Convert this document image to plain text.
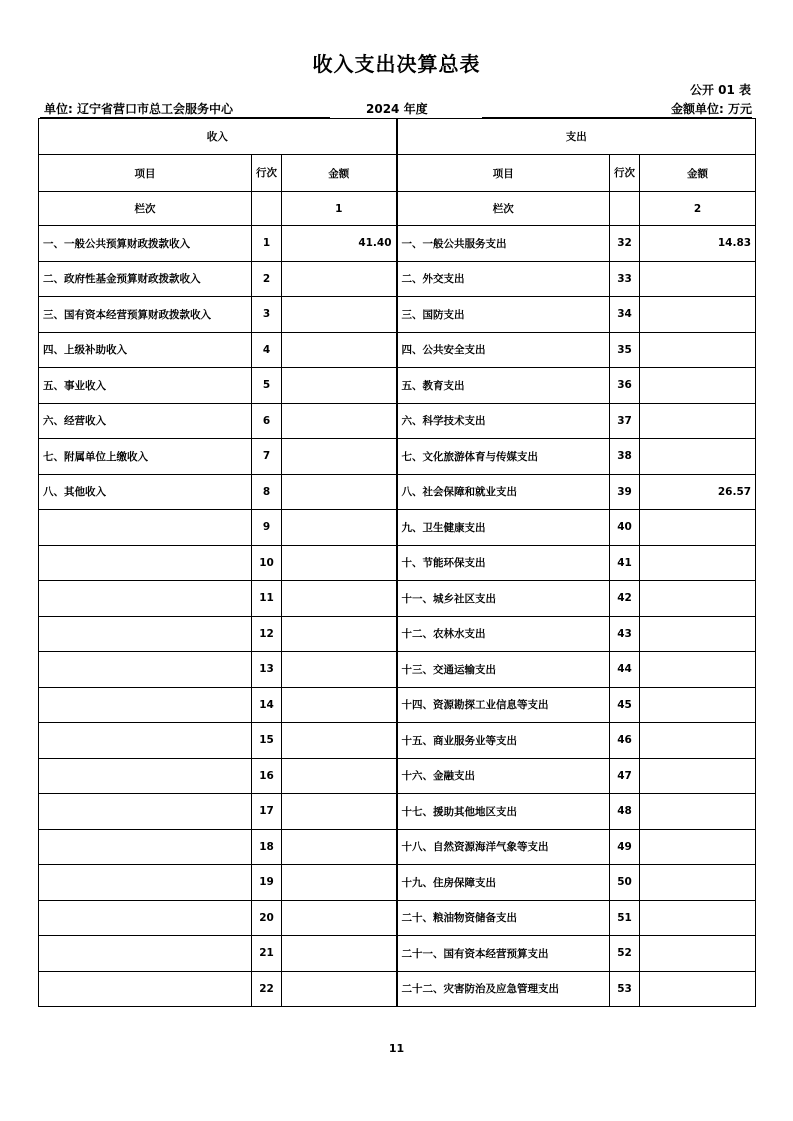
收入支出决算总表
公开 01 表
单位: 辽宁省营口市总工会服务中心	2024 年度	金额单位: 万元
收入			支出		
项目	行次	金额	项目	行次	金额
栏次		1	栏次		2
一、一般公共预算财政拨款收入	1	41.40	一、一般公共服务支出	32	14.83
二、政府性基金预算财政拨款收入	2		二、外交支出	33	
三、国有资本经营预算财政拨款收入	3		三、国防支出	34	
四、上级补助收入	4		四、公共安全支出	35	
五、事业收入	5		五、教育支出	36	
六、经营收入	6		六、科学技术支出	37	
七、附属单位上缴收入	7		七、文化旅游体育与传媒支出	38	
八、其他收入	8		八、社会保障和就业支出	39	26.57
	9		九、卫生健康支出	40	
	10		十、节能环保支出	41	
	11		十一、城乡社区支出	42	
	12		十二、农林水支出	43	
	13		十三、交通运输支出	44	
	14		十四、资源勘探工业信息等支出	45	
	15		十五、商业服务业等支出	46	
	16		十六、金融支出	47	
	17		十七、援助其他地区支出	48	
	18		十八、自然资源海洋气象等支出	49	
	19		十九、住房保障支出	50	
	20		二十、粮油物资储备支出	51	
	21		二十一、国有资本经营预算支出	52	
	22		二十二、灾害防治及应急管理支出	53	
11
